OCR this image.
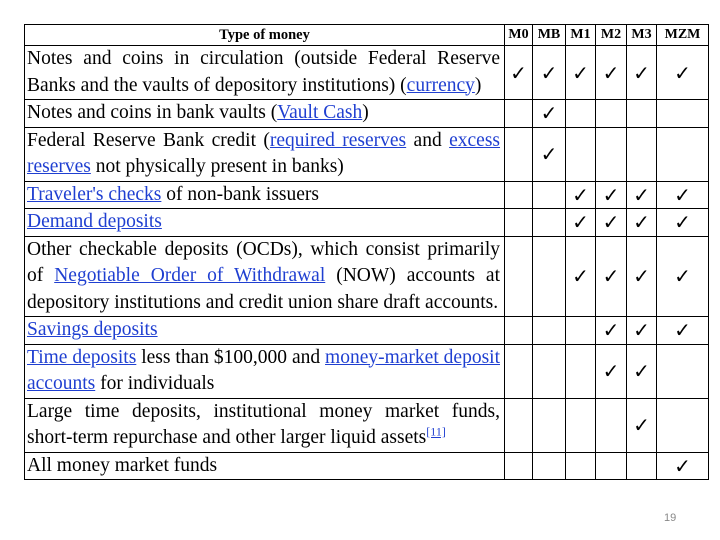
Type of money	M0	MB	M1	M2	M3	MZM
Notes and coins in circulation (outside Federal Reserve Banks and the vaults of depository institutions) (currency)	✓	✓	✓	✓	✓	✓
Notes and coins in bank vaults (Vault Cash)		✓				
Federal Reserve Bank credit (required reserves and excess reserves not physically present in banks)		✓				
Traveler's checks of non-bank issuers			✓	✓	✓	✓
Demand deposits			✓	✓	✓	✓
Other checkable deposits (OCDs), which consist primarily of Negotiable Order of Withdrawal (NOW) accounts at depository institutions and credit union share draft accounts.			✓	✓	✓	✓
Savings deposits				✓	✓	✓
Time deposits less than $100,000 and money-market deposit accounts for individuals				✓	✓	
Large time deposits, institutional money market funds, short-term repurchase and other larger liquid assets[11]					✓	
All money market funds						✓
19
